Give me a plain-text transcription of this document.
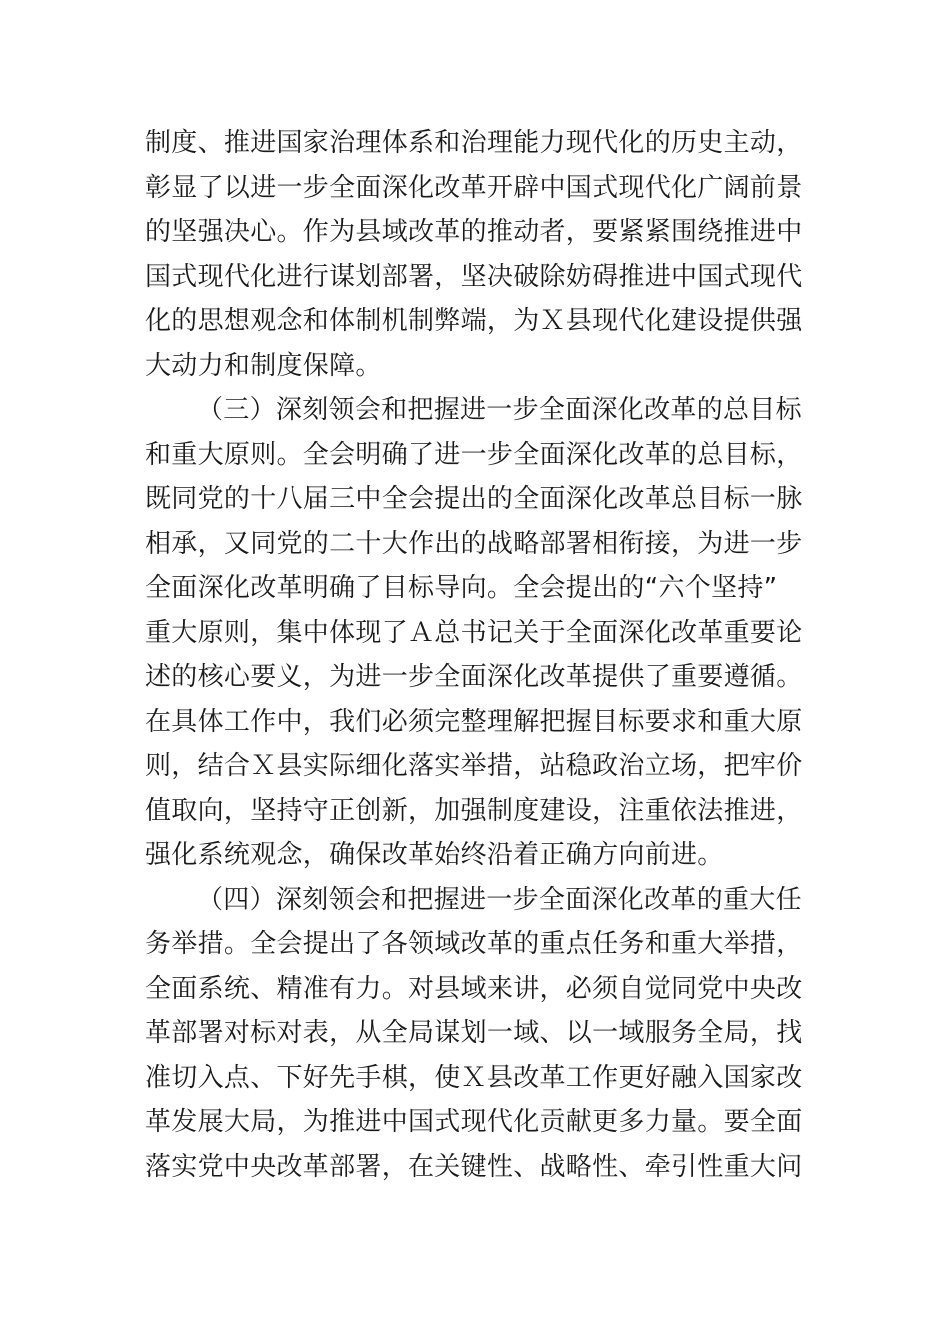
制度、推进国家治理体系和治理能力现代化的历史主动，
彰显了以进一步全面深化改革开辟中国式现代化广阔前景
的坚强决心。作为县域改革的推动者，要紧紧围绕推进中
国式现代化进行谋划部署，坚决破除妨碍推进中国式现代
化的思想观念和体制机制弊端，为Ｘ县现代化建设提供强
大动力和制度保障。
（三）深刻领会和把握进一步全面深化改革的总目标
和重大原则。全会明确了进一步全面深化改革的总目标，
既同党的十八届三中全会提出的全面深化改革总目标一脉
相承，又同党的二十大作出的战略部署相衔接，为进一步
全面深化改革明确了目标导向。全会提出的“六个坚持”
重大原则，集中体现了Ａ总书记关于全面深化改革重要论
述的核心要义，为进一步全面深化改革提供了重要遵循。
在具体工作中，我们必须完整理解把握目标要求和重大原
则，结合Ｘ县实际细化落实举措，站稳政治立场，把牢价
值取向，坚持守正创新，加强制度建设，注重依法推进，
强化系统观念，确保改革始终沿着正确方向前进。
（四）深刻领会和把握进一步全面深化改革的重大任
务举措。全会提出了各领域改革的重点任务和重大举措，
全面系统、精准有力。对县域来讲，必须自觉同党中央改
革部署对标对表，从全局谋划一域、以一域服务全局，找
准切入点、下好先手棋，使Ｘ县改革工作更好融入国家改
革发展大局，为推进中国式现代化贡献更多力量。要全面
落实党中央改革部署，在关键性、战略性、牵引性重大问
